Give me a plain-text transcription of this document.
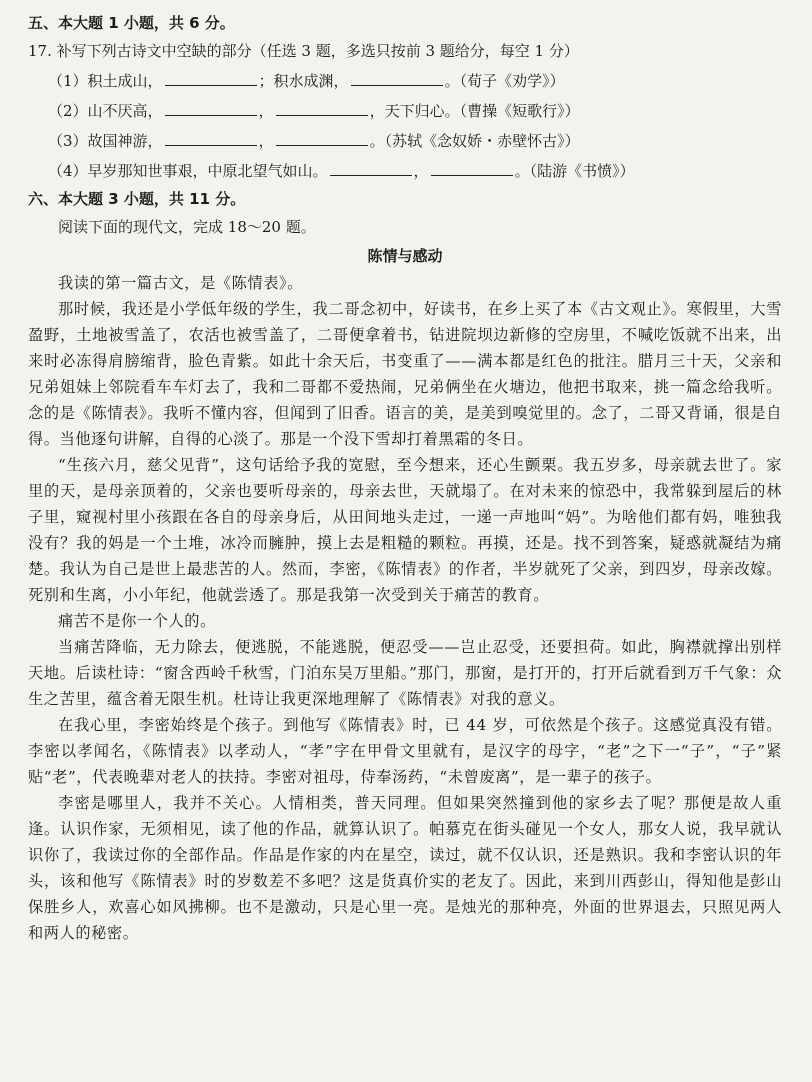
五、本大题 1 小题，共 6 分。
17. 补写下列古诗文中空缺的部分（任选 3 题，多选只按前 3 题给分，每空 1 分）
（1）积土成山，	；积水成渊，	。（荀子《劝学》）
（2）山不厌高，	，	，天下归心。（曹操《短歌行》）
（3）故国神游，	，	。（苏轼《念奴娇・赤壁怀古》）
（4）早岁那知世事艰，中原北望气如山。	，	。（陆游《书愤》）
六、本大题 3 小题，共 11 分。
阅读下面的现代文，完成 18～20 题。
陈情与感动

我读的第一篇古文，是《陈情表》。

那时候，我还是小学低年级的学生，我二哥念初中，好读书，在乡上买了本《古文观止》。寒假里，大雪盈野，土地被雪盖了，农活也被雪盖了，二哥便拿着书，钻进院坝边新修的空房里，不喊吃饭就不出来，出来时必冻得肩膀缩背，脸色青紫。如此十余天后，书变重了——满本都是红色的批注。腊月三十天，父亲和兄弟姐妹上邻院看车车灯去了，我和二哥都不爱热闹，兄弟俩坐在火塘边，他把书取来，挑一篇念给我听。念的是《陈情表》。我听不懂内容，但闻到了旧香。语言的美，是美到嗅觉里的。念了，二哥又背诵，很是自得。当他逐句讲解，自得的心淡了。那是一个没下雪却打着黑霜的冬日。

“生孩六月，慈父见背”，这句话给予我的宽慰，至今想来，还心生颤栗。我五岁多，母亲就去世了。家里的天，是母亲顶着的，父亲也要听母亲的，母亲去世，天就塌了。在对未来的惊恐中，我常躲到屋后的林子里，窥视村里小孩跟在各自的母亲身后，从田间地头走过，一递一声地叫“妈”。为啥他们都有妈，唯独我没有？我的妈是一个土堆，冰冷而臃肿，摸上去是粗糙的颗粒。再摸，还是。找不到答案，疑惑就凝结为痛楚。我认为自己是世上最悲苦的人。然而，李密，《陈情表》的作者，半岁就死了父亲，到四岁，母亲改嫁。死别和生离，小小年纪，他就尝透了。那是我第一次受到关于痛苦的教育。

痛苦不是你一个人的。

当痛苦降临，无力除去，便逃脱，不能逃脱，便忍受——岂止忍受，还要担荷。如此，胸襟就撑出别样天地。后读杜诗：“窗含西岭千秋雪，门泊东吴万里船。”那门，那窗，是打开的，打开后就看到万千气象：众生之苦里，蕴含着无限生机。杜诗让我更深地理解了《陈情表》对我的意义。

在我心里，李密始终是个孩子。到他写《陈情表》时，已 44 岁，可依然是个孩子。这感觉真没有错。李密以孝闻名，《陈情表》以孝动人，“孝”字在甲骨文里就有，是汉字的母字，“老”之下一“子”，“子”紧贴“老”，代表晚辈对老人的扶持。李密对祖母，侍奉汤药，“未曾废离”，是一辈子的孩子。

李密是哪里人，我并不关心。人情相类，普天同理。但如果突然撞到他的家乡去了呢？那便是故人重逢。认识作家，无须相见，读了他的作品，就算认识了。帕慕克在街头碰见一个女人，那女人说，我早就认识你了，我读过你的全部作品。作品是作家的内在星空，读过，就不仅认识，还是熟识。我和李密认识的年头，该和他写《陈情表》时的岁数差不多吧？这是货真价实的老友了。因此，来到川西彭山，得知他是彭山保胜乡人，欢喜心如风拂柳。也不是激动，只是心里一亮。是烛光的那种亮，外面的世界退去，只照见两人和两人的秘密。
